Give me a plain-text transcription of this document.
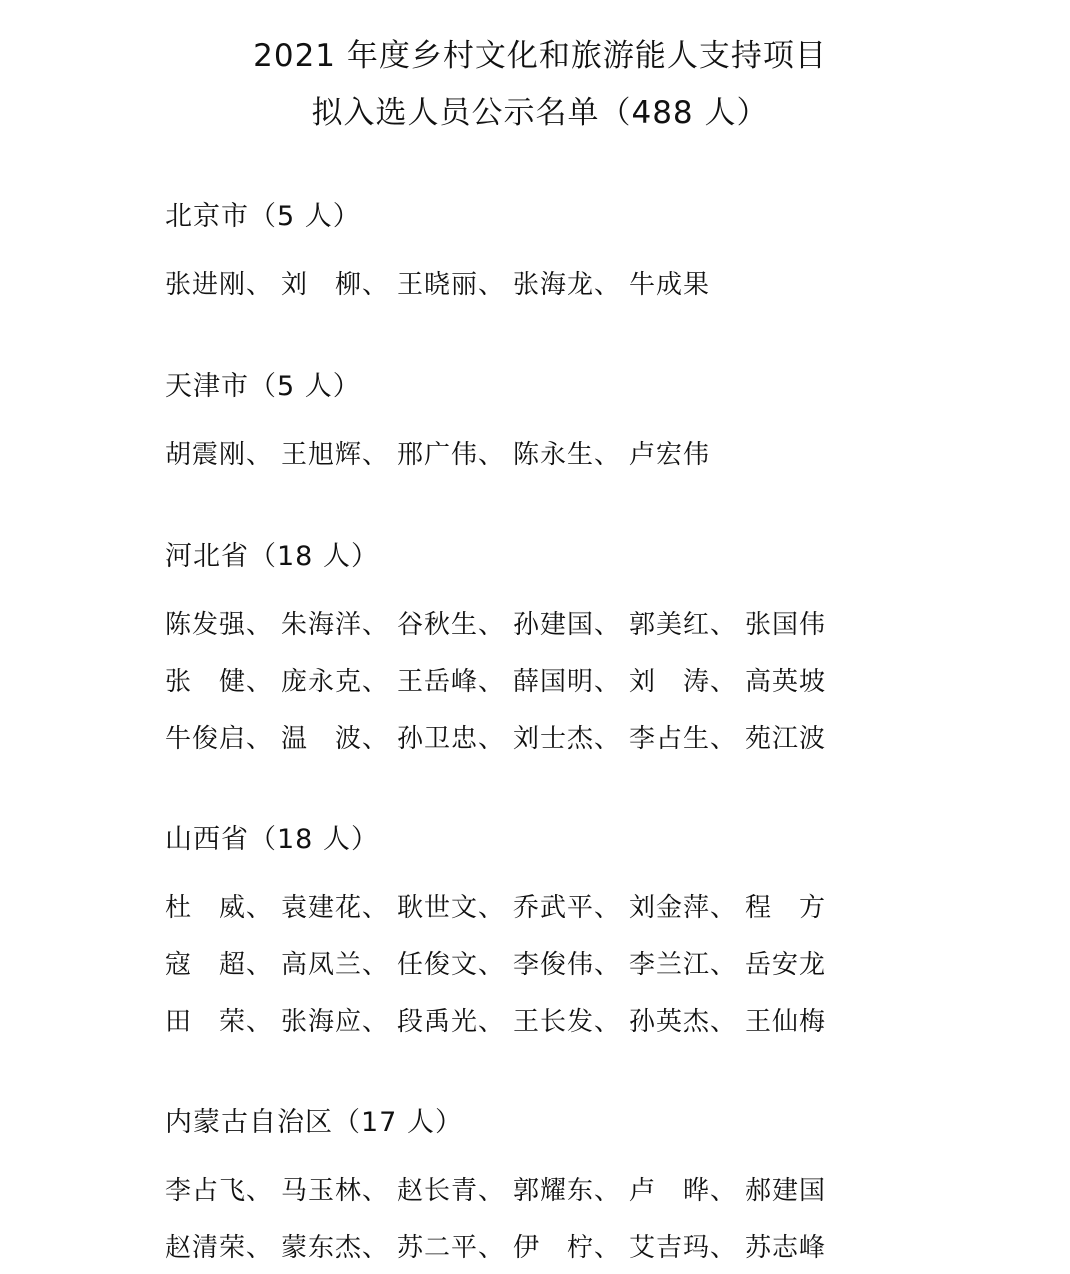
2021 年度乡村文化和旅游能人支持项目
拟入选人员公示名单（488 人）
北京市（5 人）
张进刚、 刘　柳、 王晓丽、 张海龙、 牛成果
天津市（5 人）
胡震刚、 王旭辉、 邢广伟、 陈永生、 卢宏伟
河北省（18 人）
陈发强、 朱海洋、 谷秋生、 孙建国、 郭美红、 张国伟
张　健、 庞永克、 王岳峰、 薛国明、 刘　涛、 高英坡
牛俊启、 温　波、 孙卫忠、 刘士杰、 李占生、 苑江波
山西省（18 人）
杜　威、 袁建花、 耿世文、 乔武平、 刘金萍、 程　方
寇　超、 高凤兰、 任俊文、 李俊伟、 李兰江、 岳安龙
田　荣、 张海应、 段禹光、 王长发、 孙英杰、 王仙梅
内蒙古自治区（17 人）
李占飞、 马玉林、 赵长青、 郭耀东、 卢　晔、 郝建国
赵清荣、 蒙东杰、 苏二平、 伊　柠、 艾吉玛、 苏志峰
